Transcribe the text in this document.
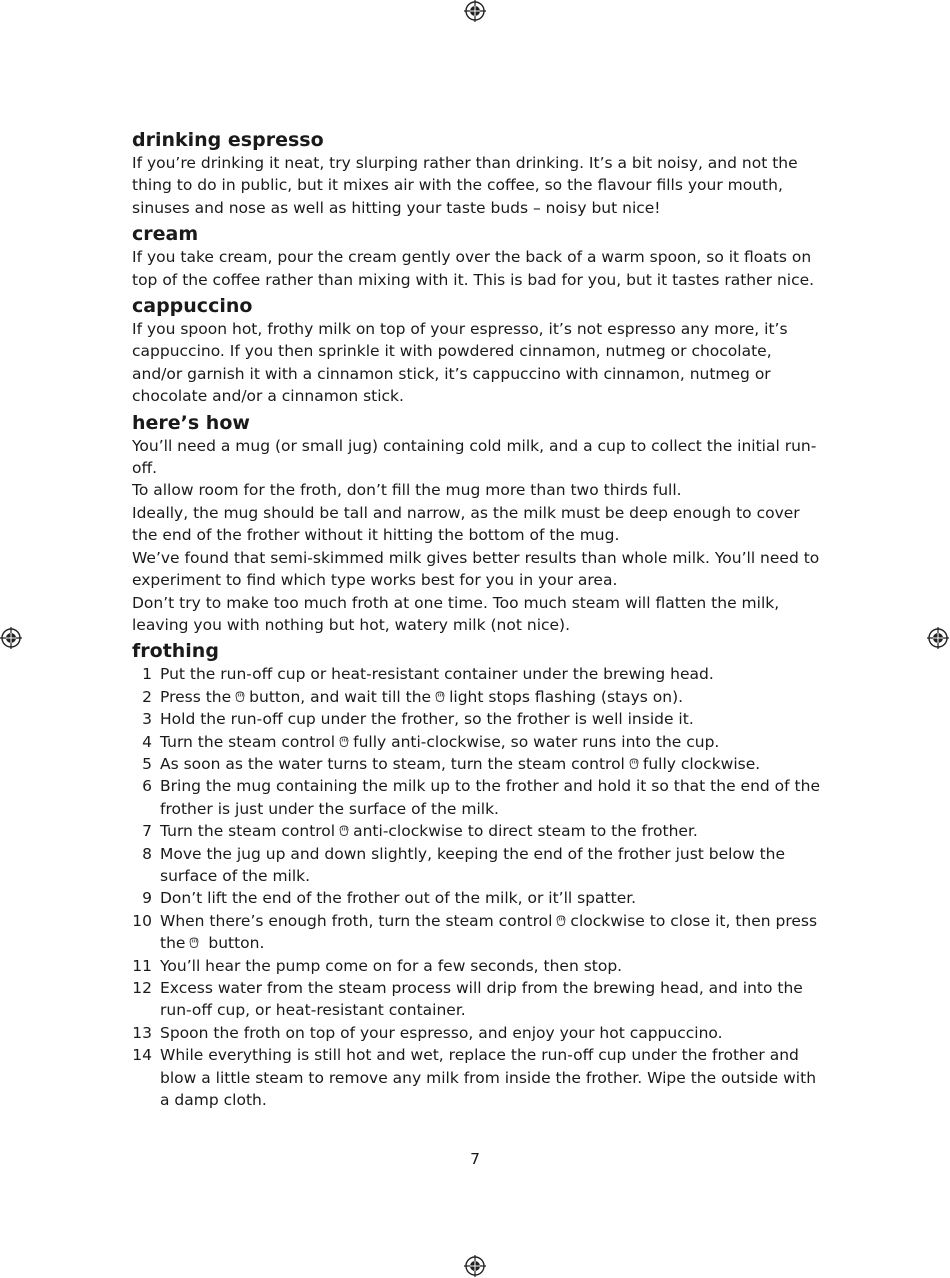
drinking espresso

If you’re drinking it neat, try slurping rather than drinking. It’s a bit noisy, and not the thing to do in public, but it mixes air with the coffee, so the flavour fills your mouth, sinuses and nose as well as hitting your taste buds – noisy but nice!

cream

If you take cream, pour the cream gently over the back of a warm spoon, so it floats on top of the coffee rather than mixing with it. This is bad for you, but it tastes rather nice.

cappuccino

If you spoon hot, frothy milk on top of your espresso, it’s not espresso any more, it’s cappuccino. If you then sprinkle it with powdered cinnamon, nutmeg or chocolate, and/or garnish it with a cinnamon stick, it’s cappuccino with cinnamon, nutmeg or chocolate and/or a cinnamon stick.

here’s how

You’ll need a mug (or small jug) containing cold milk, and a cup to collect the initial run-off.

To allow room for the froth, don’t fill the mug more than two thirds full.

Ideally, the mug should be tall and narrow, as the milk must be deep enough to cover the end of the frother without it hitting the bottom of the mug.

We’ve found that semi-skimmed milk gives better results than whole milk. You’ll need to experiment to find which type works best for you in your area.

Don’t try to make too much froth at one time. Too much steam will flatten the milk, leaving you with nothing but hot, watery milk (not nice).

frothing
1 Put the run-off cup or heat-resistant container under the brewing head.
2 Press the button, and wait till the light stops flashing (stays on).
3 Hold the run-off cup under the frother, so the frother is well inside it.
4 Turn the steam control fully anti-clockwise, so water runs into the cup.
5 As soon as the water turns to steam, turn the steam control fully clockwise.
6 Bring the mug containing the milk up to the frother and hold it so that the end of the frother is just under the surface of the milk.
7 Turn the steam control anti-clockwise to direct steam to the frother.
8 Move the jug up and down slightly, keeping the end of the frother just below the surface of the milk.
9 Don’t lift the end of the frother out of the milk, or it’ll spatter.
10 When there’s enough froth, turn the steam control clockwise to close it, then press the button.
11 You’ll hear the pump come on for a few seconds, then stop.
12 Excess water from the steam process will drip from the brewing head, and into the run-off cup, or heat-resistant container.
13 Spoon the froth on top of your espresso, and enjoy your hot cappuccino.
14 While everything is still hot and wet, replace the run-off cup under the frother and blow a little steam to remove any milk from inside the frother. Wipe the outside with a damp cloth.
7
